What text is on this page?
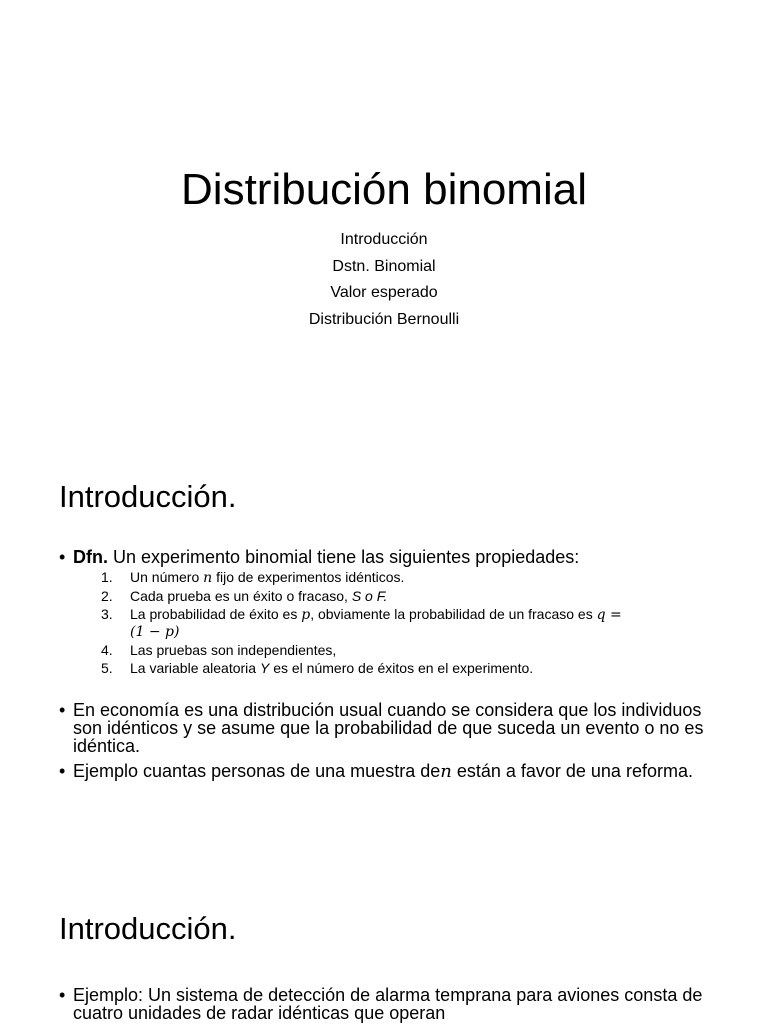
Distribución binomial
Introducción
Dstn. Binomial
Valor esperado
Distribución Bernoulli
Introducción.
• Dfn. Un experimento binomial tiene las siguientes propiedades:
1. Un número n fijo de experimentos idénticos.
2. Cada prueba es un éxito o fracaso, S o F.
3. La probabilidad de éxito es p, obviamente la probabilidad de un fracaso es q =
(1 − p)
4. Las pruebas son independientes,
5. La variable aleatoria Y es el número de éxitos en el experimento.
• En economía es una distribución usual cuando se considera que los individuos son idénticos y se asume que la probabilidad de que suceda un evento o no es idéntica.
• Ejemplo cuantas personas de una muestra den están a favor de una reforma.
Introducción.
• Ejemplo: Un sistema de detección de alarma temprana para aviones consta de cuatro unidades de radar idénticas que operan
